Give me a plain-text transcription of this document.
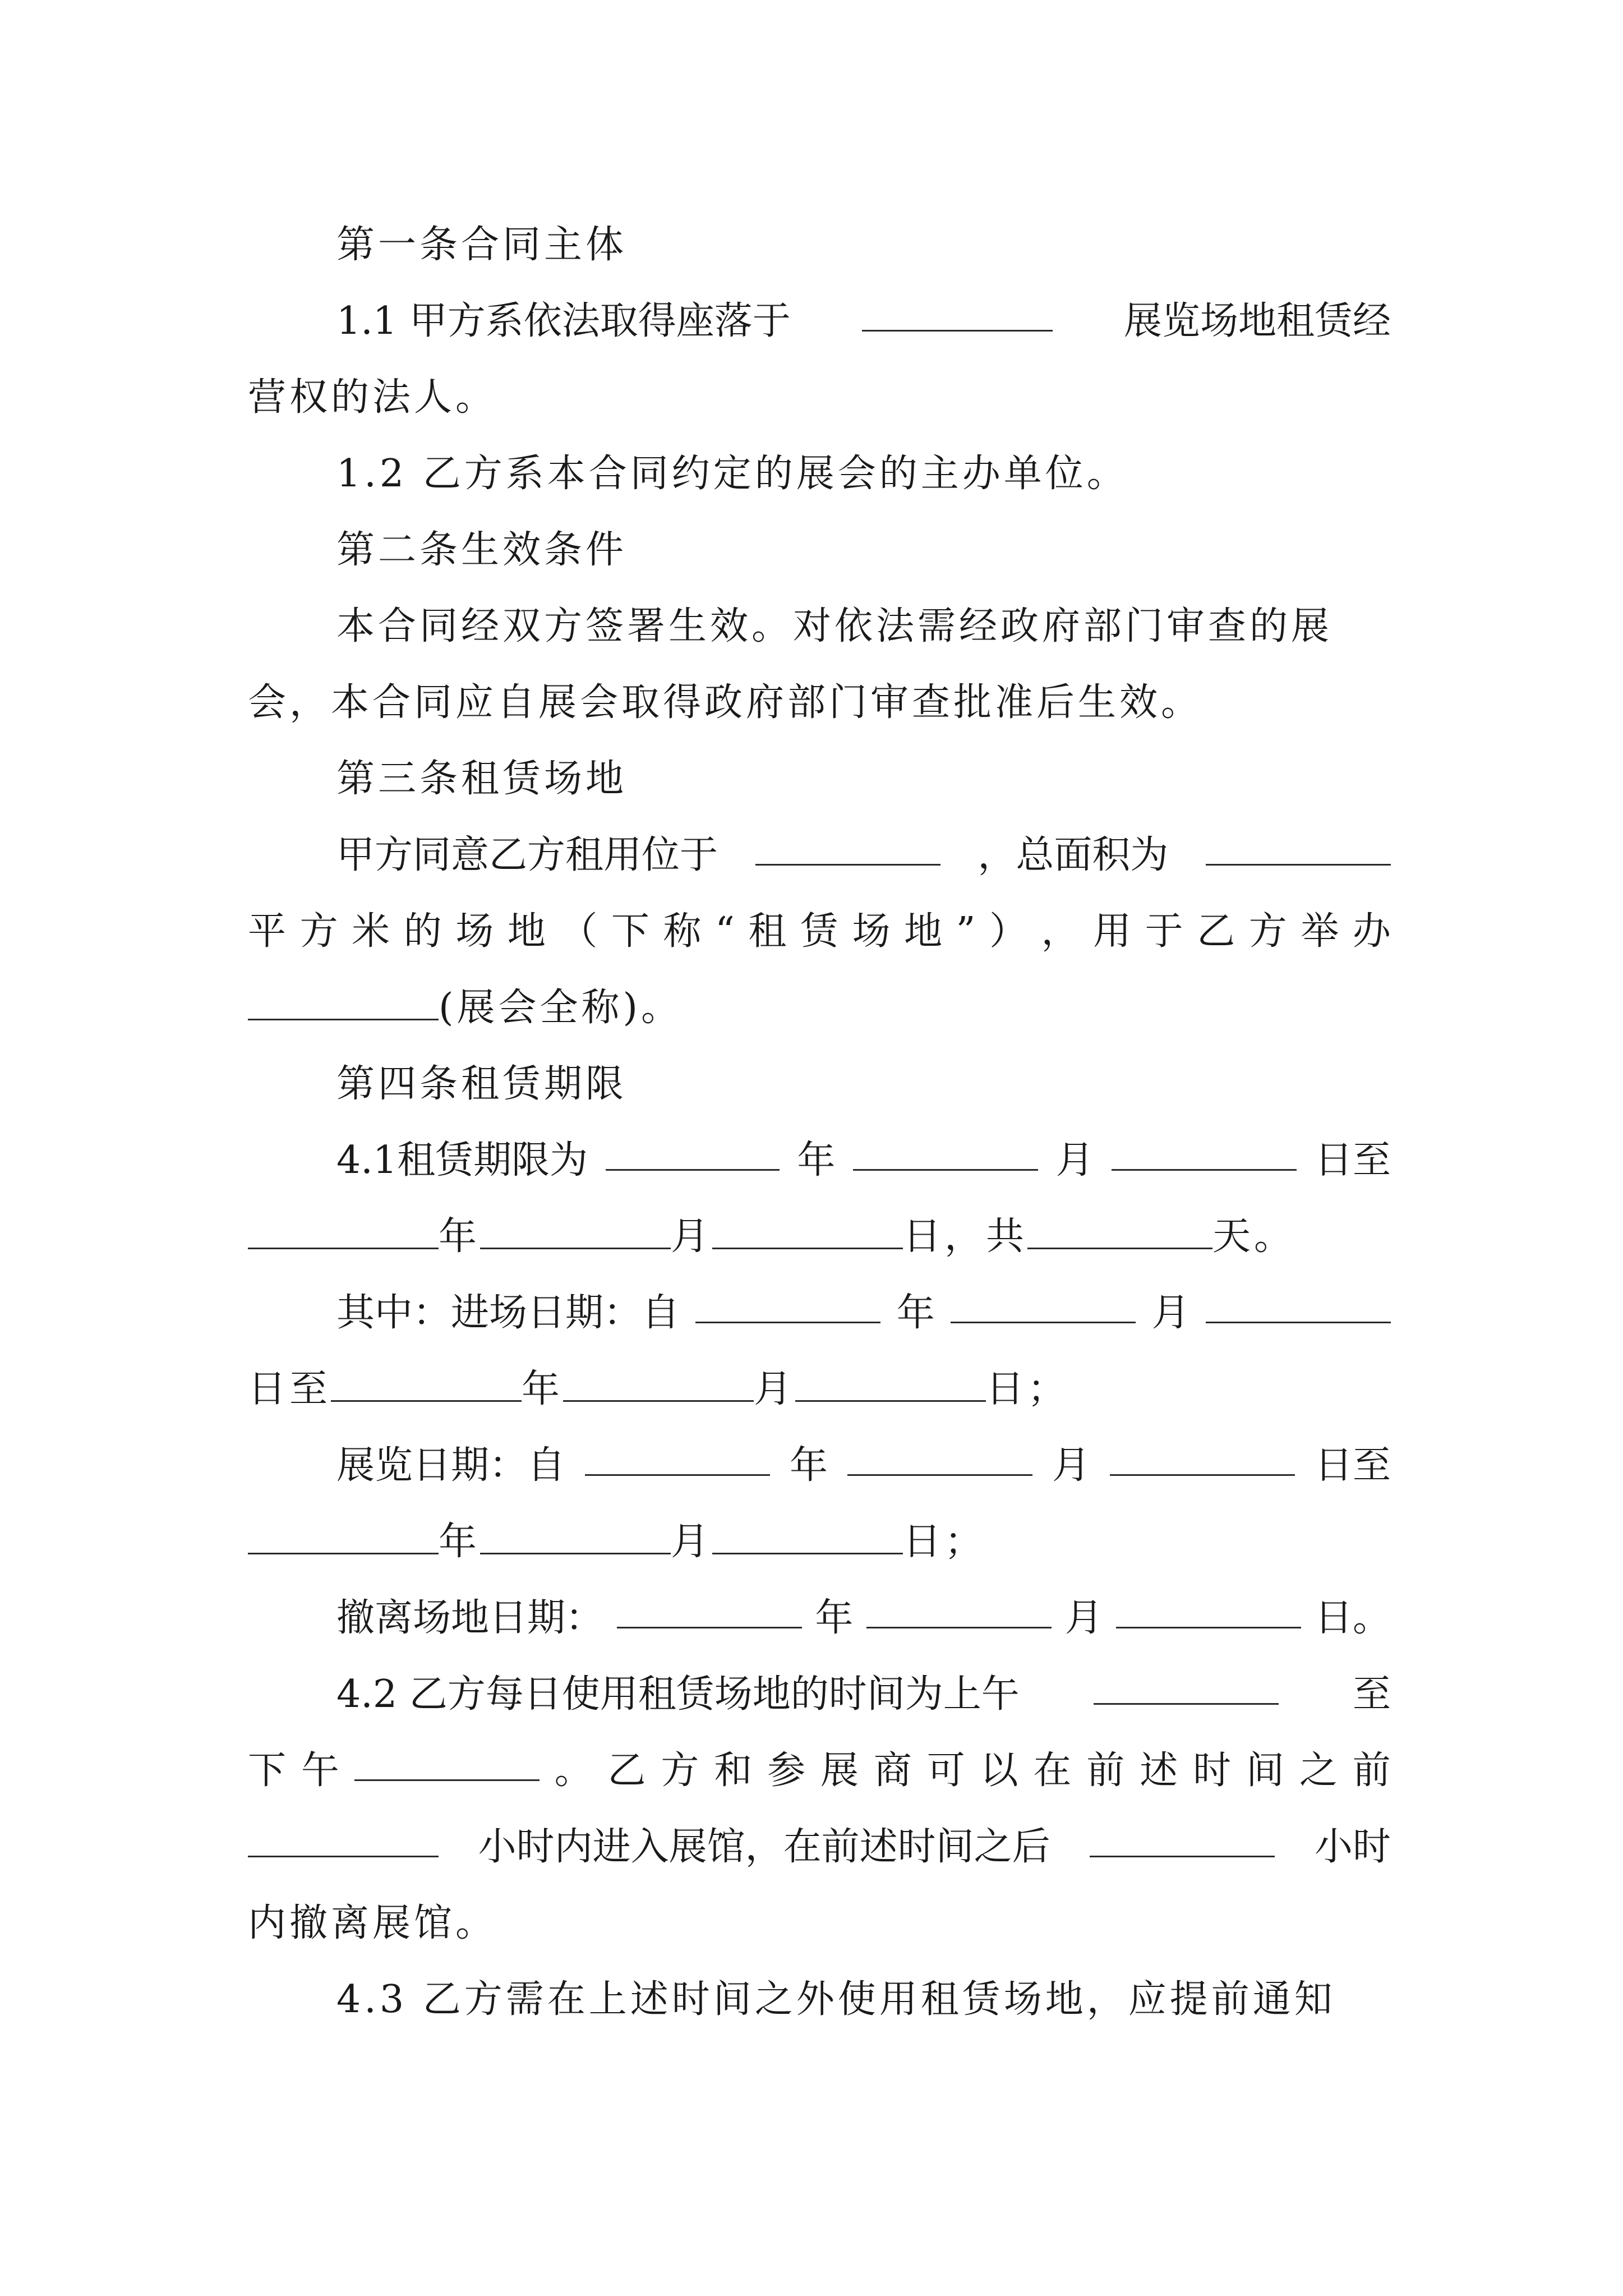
第一条合同主体
1.1 甲方系依法取得座落于	展览场地租赁经
营权的法人。
1.2 乙方系本合同约定的展会的主办单位。
第二条生效条件
本合同经双方签署生效。对依法需经政府部门审查的展
会，本合同应自展会取得政府部门审查批准后生效。
第三条租赁场地
甲方同意乙方租用位于	，总面积为
平 方 米 的 场 地 （ 下 称 “ 租 赁 场 地 ” ） ， 用 于 乙 方 举 办
(展会全称)。
第四条租赁期限
4.1租赁期限为	年	月	日至
年	月	日，共	天。
其中：进场日期：自	年	月
日至	年	月	日；
展览日期：自	年	月	日至
年	月	日；
撤离场地日期：	年	月	日。
4.2 乙方每日使用租赁场地的时间为上午	至
下 午	。 乙 方 和 参 展 商 可 以 在 前 述 时 间 之 前
小时内进入展馆，在前述时间之后	小时
内撤离展馆。
4.3 乙方需在上述时间之外使用租赁场地，应提前通知
